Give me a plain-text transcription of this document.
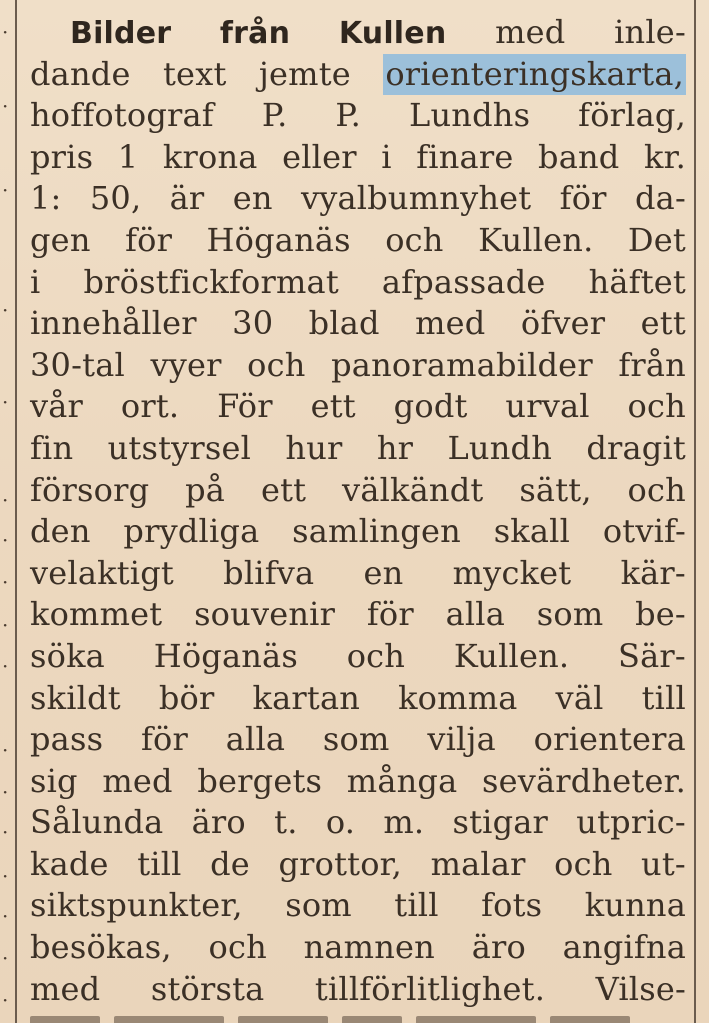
·
·
·
·
·
·
·
·
·
·
·
·
·
·
·
·
·
Bilder från Kullen med inle-
dande text jemte orienteringskarta,
hoffotograf P. P. Lundhs förlag,
pris 1 krona eller i finare band kr.
1: 50, är en vyalbumnyhet för da-
gen för Höganäs och Kullen. Det
i bröstfickformat afpassade häftet
innehåller 30 blad med öfver ett
30-tal vyer och panoramabilder från
vår ort. För ett godt urval och
fin utstyrsel hur hr Lundh dragit
försorg på ett välkändt sätt, och
den prydliga samlingen skall otvif-
velaktigt blifva en mycket kär-
kommet souvenir för alla som be-
söka Höganäs och Kullen. Sär-
skildt bör kartan komma väl till
pass för alla som vilja orientera
sig med bergets många sevärdheter.
Sålunda äro t. o. m. stigar utpric-
kade till de grottor, malar och ut-
siktspunkter, som till fots kunna
besökas, och namnen äro angifna
med största tillförlitlighet. Vilse-
